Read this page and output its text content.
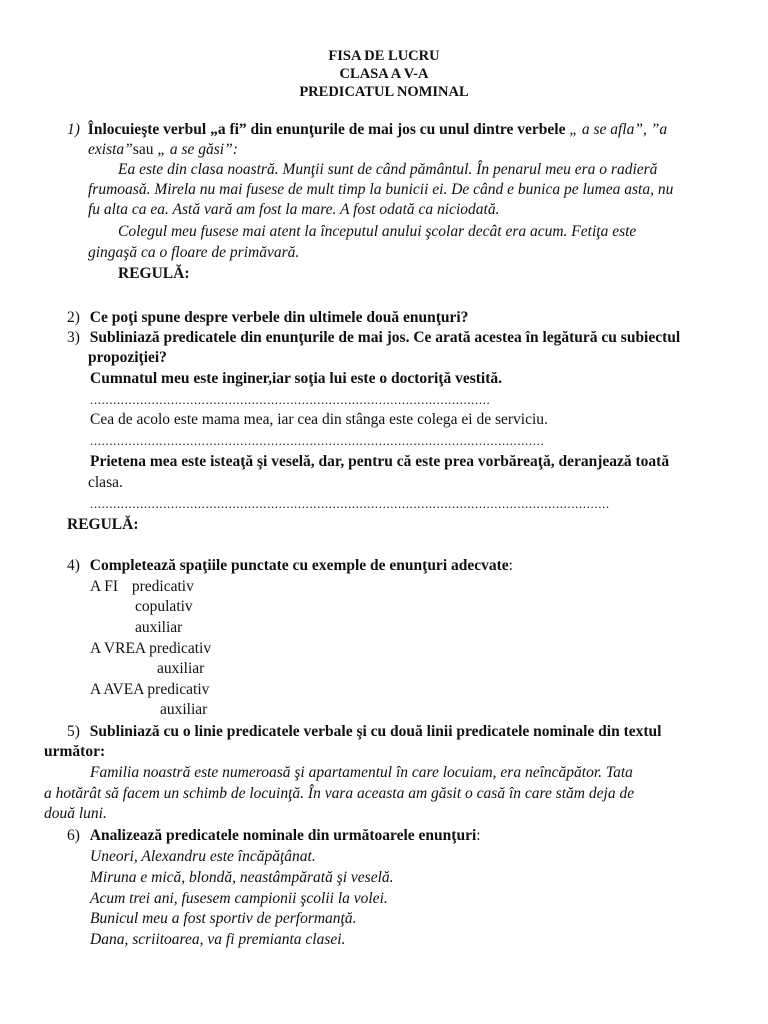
FISA DE LUCRU
CLASA A V-A
PREDICATUL NOMINAL
1) Înlocuieşte verbul „a fi” din enunţurile de mai jos cu unul dintre verbele „ a se afla”, ”a
exista”sau „ a se găsi”:
Ea este din clasa noastră. Munţii sunt de când pământul. În penarul meu era o radieră
frumoasă. Mirela nu mai fusese de mult timp la bunicii ei. De când e bunica pe lumea asta, nu
fu alta ca ea. Astă vară am fost la mare. A fost odată ca niciodată.
Colegul meu fusese mai atent la începutul anului şcolar decât era acum. Fetiţa este
gingaşă ca o floare de primăvară.
REGULĂ:
2) Ce poţi spune despre verbele din ultimele două enunţuri?
3) Subliniază predicatele din enunţurile de mai jos. Ce arată acestea în legătură cu subiectul
propoziţiei?
Cumnatul meu este inginer,iar soţia lui este o doctoriţă vestită.
........................................................................................................
Cea de acolo este mama mea, iar cea din stânga este colega ei de serviciu.
......................................................................................................................
Prietena mea este isteaţă şi veselă, dar, pentru că este prea vorbăreaţă, deranjează toată
clasa.
.......................................................................................................................................
REGULĂ:
4) Completează spaţiile punctate cu exemple de enunţuri adecvate:
A FI predicativ
copulativ
auxiliar
A VREA predicativ
auxiliar
A AVEA predicativ
auxiliar
5) Subliniază cu o linie predicatele verbale şi cu două linii predicatele nominale din textul
următor:
Familia noastră este numeroasă şi apartamentul în care locuiam, era neîncăpător. Tata
a hotărât să facem un schimb de locuinţă. În vara aceasta am găsit o casă în care stăm deja de
două luni.
6) Analizează predicatele nominale din următoarele enunţuri:
Uneori, Alexandru este încăpăţânat.
Miruna e mică, blondă, neastâmpărată şi veselă.
Acum trei ani, fusesem campionii şcolii la volei.
Bunicul meu a fost sportiv de performanţă.
Dana, scriitoarea, va fi premianta clasei.
